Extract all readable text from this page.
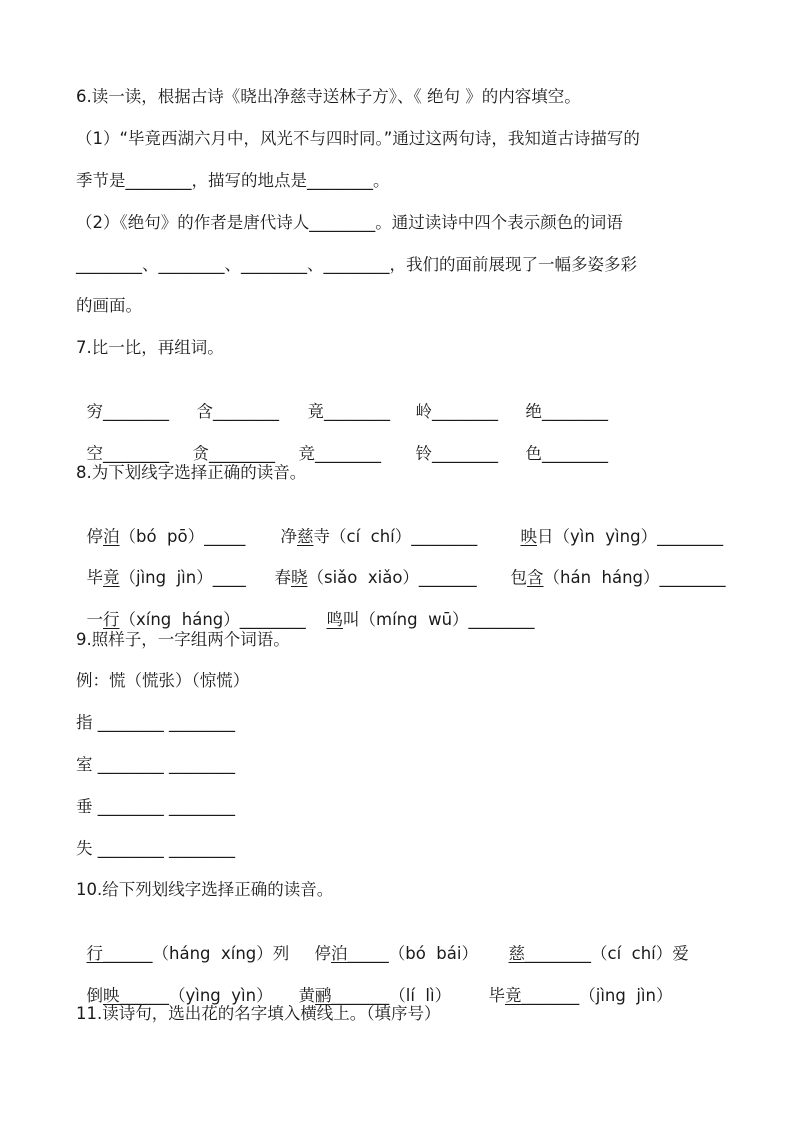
6.读一读，根据古诗《晓出净慈寺送林子方》、《 绝句 》的内容填空。
（1）“毕竟西湖六月中，风光不与四时同。”通过这两句诗，我知道古诗描写的
季节是________，描写的地点是________。
（2）《绝句》的作者是唐代诗人________。通过读诗中四个表示颜色的词语
________、________、________、________，我们的面前展现了一幅多姿多彩
的画面。
7.比一比，再组词。

穷________ 含________ 竟________ 岭________ 绝________

空________ 贪________ 竞________ 铃________ 色________

8.为下划线字选择正确的读音。

停泊（bó  pō）_____ 净慈寺（cí  chí）________	映日（yìn  yìng）________

毕竟（jìng  jìn）____ 春晓（siǎo  xiǎo）_______ 包含（hán  háng）________

一行（xíng  háng）________ 鸣叫（míng  wū）________

9.照样子，一字组两个词语。
例：慌（慌张）（惊慌）
指 ________ ________
室 ________ ________
垂 ________ ________
失 ________ ________
10.给下列划线字选择正确的读音。

行______（háng  xíng）列 停泊_____（bó  bái） 慈________（cí  chí）爱

倒映______（yìng  yìn） 黄鹂_______（lí  lì） 毕竟_______（jìng  jìn）

11.读诗句，选出花的名字填入横线上。（填序号）
